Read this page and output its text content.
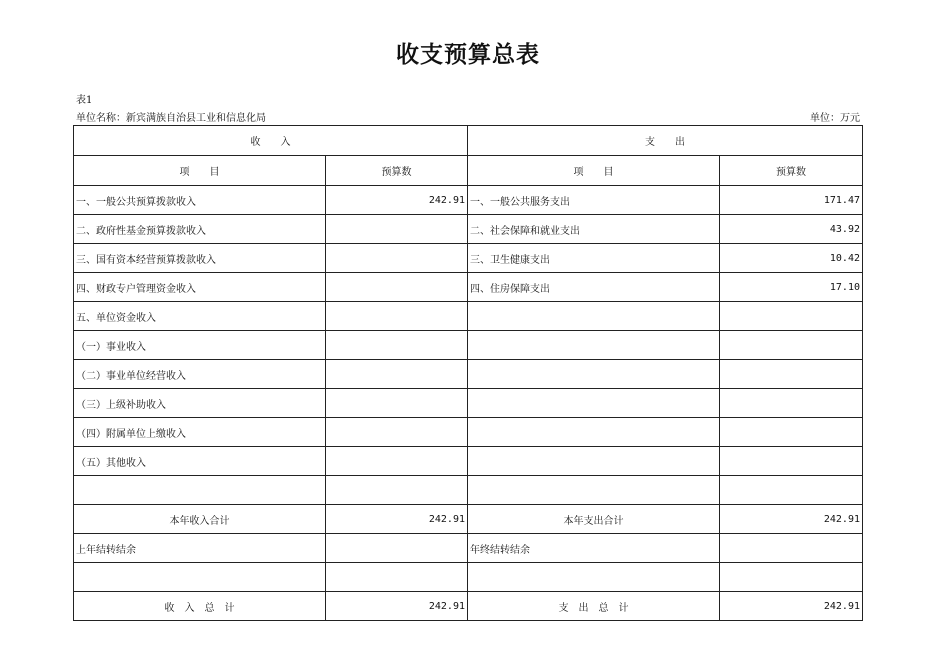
收支预算总表
表1
单位名称：新宾满族自治县工业和信息化局	单位：万元
收　　入		支　　出	
项　　目	预算数	项　　目	预算数
一、一般公共预算拨款收入	242.91	一、一般公共服务支出	171.47
二、政府性基金预算拨款收入		二、社会保障和就业支出	43.92
三、国有资本经营预算拨款收入		三、卫生健康支出	10.42
四、财政专户管理资金收入		四、住房保障支出	17.10
五、单位资金收入			
（一）事业收入			
（二）事业单位经营收入			
（三）上级补助收入			
（四）附属单位上缴收入			
（五）其他收入			

本年收入合计	242.91	本年支出合计	242.91
上年结转结余		年终结转结余	

收　入　总　计	242.91	支　出　总　计	242.91
